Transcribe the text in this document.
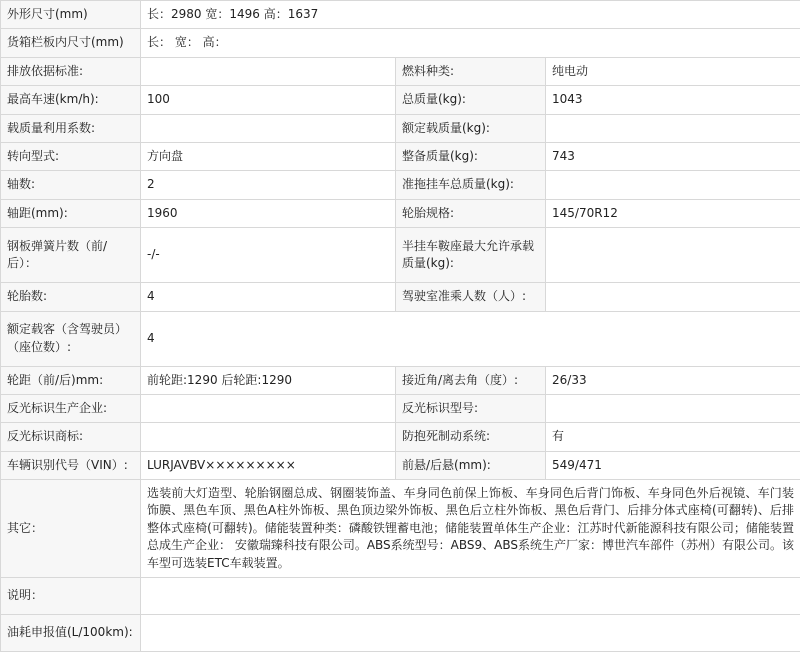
外形尺寸(mm)	长：2980 宽：1496 高：1637		
货箱栏板内尺寸(mm)	长： 宽： 高：		
排放依据标准:		燃料种类:	纯电动
最高车速(km/h):	100	总质量(kg):	1043
载质量利用系数:		额定载质量(kg):	
转向型式:	方向盘	整备质量(kg):	743
轴数:	2	准拖挂车总质量(kg):	
轴距(mm):	1960	轮胎规格:	145/70R12
钢板弹簧片数（前/后）：	-/-	半挂车鞍座最大允许承载质量(kg):	
轮胎数:	4	驾驶室准乘人数（人）:	
额定载客（含驾驶员）（座位数）:	4		
轮距（前/后)mm:	前轮距:1290 后轮距:1290	接近角/离去角（度）:	26/33
反光标识生产企业:		反光标识型号:	
反光标识商标:		防抱死制动系统:	有
车辆识别代号（VIN）:	LURJAVBV×××××××××	前悬/后悬(mm):	549/471
其它：	选装前大灯造型、轮胎钢圈总成、钢圈装饰盖、车身同色前保上饰板、车身同色后背门饰板、车身同色外后视镜、车门装饰膜、黑色车顶、黑色A柱外饰板、黑色顶边梁外饰板、黑色后立柱外饰板、黑色后背门、后排分体式座椅(可翻转)、后排整体式座椅(可翻转)。储能装置种类：磷酸铁锂蓄电池；储能装置单体生产企业：江苏时代新能源科技有限公司；储能装置总成生产企业： 安徽瑞臻科技有限公司。ABS系统型号：ABS9、ABS系统生产厂家：博世汽车部件（苏州）有限公司。该车型可选装ETC车载装置。		
说明：			
油耗申报值(L/100km):			
